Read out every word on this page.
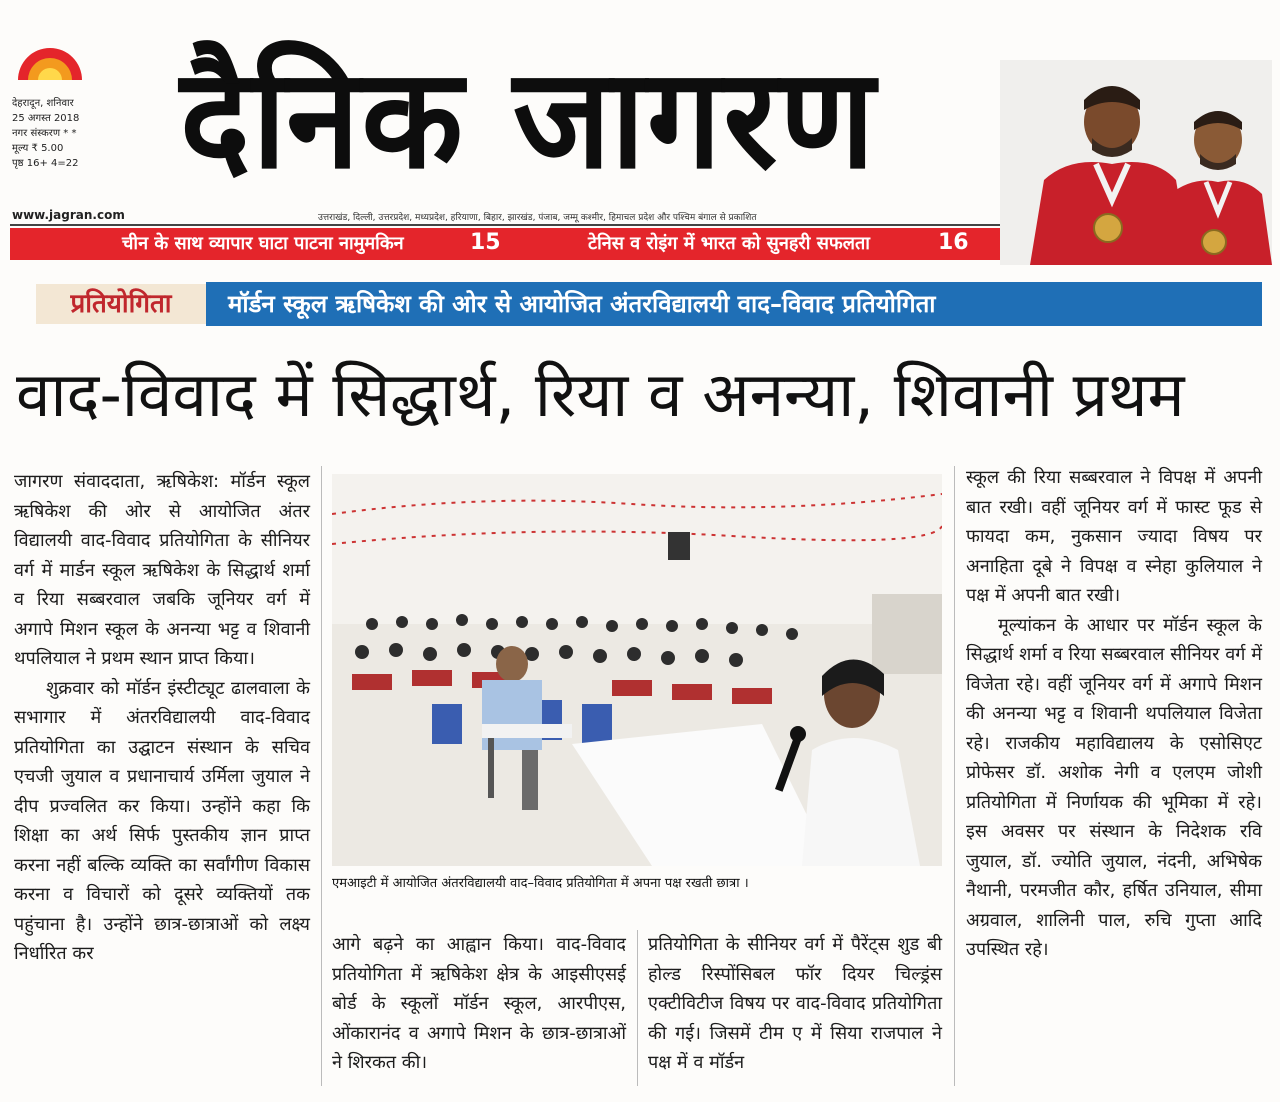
देहरादून, शनिवार
25 अगस्त 2018
नगर संस्करण * *
मूल्य ₹ 5.00
पृष्ठ 16+ 4=22 दैनिक जागरण
www.jagran.com	उत्तराखंड, दिल्ली, उत्तरप्रदेश, मध्यप्रदेश, हरियाणा, बिहार, झारखंड, पंजाब, जम्मू कश्मीर, हिमाचल प्रदेश और पश्चिम बंगाल से प्रकाशित
चीन के साथ व्यापार घाटा पाटना नामुमकिन	15	टेनिस व रोइंग में भारत को सुनहरी सफलता	16
प्रतियोगिता	मॉर्डन स्कूल ऋषिकेश की ओर से आयोजित अंतरविद्यालयी वाद–विवाद प्रतियोगिता
वाद-विवाद में सिद्धार्थ, रिया व अनन्या, शिवानी प्रथम

जागरण संवाददाता, ऋषिकेश: मॉर्डन स्कूल ऋषिकेश की ओर से आयोजित अंतर विद्यालयी वाद-विवाद प्रतियोगिता के सीनियर वर्ग में मार्डन स्कूल ऋषिकेश के सिद्धार्थ शर्मा व रिया सब्बरवाल जबकि जूनियर वर्ग में अगापे मिशन स्कूल के अनन्या भट्ट व शिवानी थपलियाल ने प्रथम स्थान प्राप्त किया।

शुक्रवार को मॉर्डन इंस्टीट्यूट ढालवाला के सभागार में अंतरविद्यालयी वाद-विवाद प्रतियोगिता का उद्घाटन संस्थान के सचिव एचजी जुयाल व प्रधानाचार्य उर्मिला जुयाल ने दीप प्रज्वलित कर किया। उन्होंने कहा कि शिक्षा का अर्थ सिर्फ पुस्तकीय ज्ञान प्राप्त करना नहीं बल्कि व्यक्ति का सर्वांगीण विकास करना व विचारों को दूसरे व्यक्तियों तक पहुंचाना है। उन्होंने छात्र-छात्राओं को लक्ष्य निर्धारित कर

एमआइटी में आयोजित अंतरविद्यालयी वाद–विवाद प्रतियोगिता में अपना पक्ष रखती छात्रा ।

आगे बढ़ने का आह्वान किया। वाद-विवाद प्रतियोगिता में ऋषिकेश क्षेत्र के आइसीएसई बोर्ड के स्कूलों मॉर्डन स्कूल, आरपीएस, ओंकारानंद व अगापे मिशन के छात्र-छात्राओं ने शिरकत की।

प्रतियोगिता के सीनियर वर्ग में पैरेंट्स शुड बी होल्ड रिस्पोंसिबल फॉर दियर चिल्ड्रंस एक्टीविटीज विषय पर वाद-विवाद प्रतियोगिता की गई। जिसमें टीम ए में सिया राजपाल ने पक्ष में व मॉर्डन

स्कूल की रिया सब्बरवाल ने विपक्ष में अपनी बात रखी। वहीं जूनियर वर्ग में फास्ट फूड से फायदा कम, नुकसान ज्यादा विषय पर अनाहिता दूबे ने विपक्ष व स्नेहा कुलियाल ने पक्ष में अपनी बात रखी।

मूल्यांकन के आधार पर मॉर्डन स्कूल के सिद्धार्थ शर्मा व रिया सब्बरवाल सीनियर वर्ग में विजेता रहे। वहीं जूनियर वर्ग में अगापे मिशन की अनन्या भट्ट व शिवानी थपलियाल विजेता रहे। राजकीय महाविद्यालय के एसोसिएट प्रोफेसर डॉ. अशोक नेगी व एलएम जोशी प्रतियोगिता में निर्णायक की भूमिका में रहे। इस अवसर पर संस्थान के निदेशक रवि जुयाल, डॉ. ज्योति जुयाल, नंदनी, अभिषेक नैथानी, परमजीत कौर, हर्षित उनियाल, सीमा अग्रवाल, शालिनी पाल, रुचि गुप्ता आदि उपस्थित रहे।
